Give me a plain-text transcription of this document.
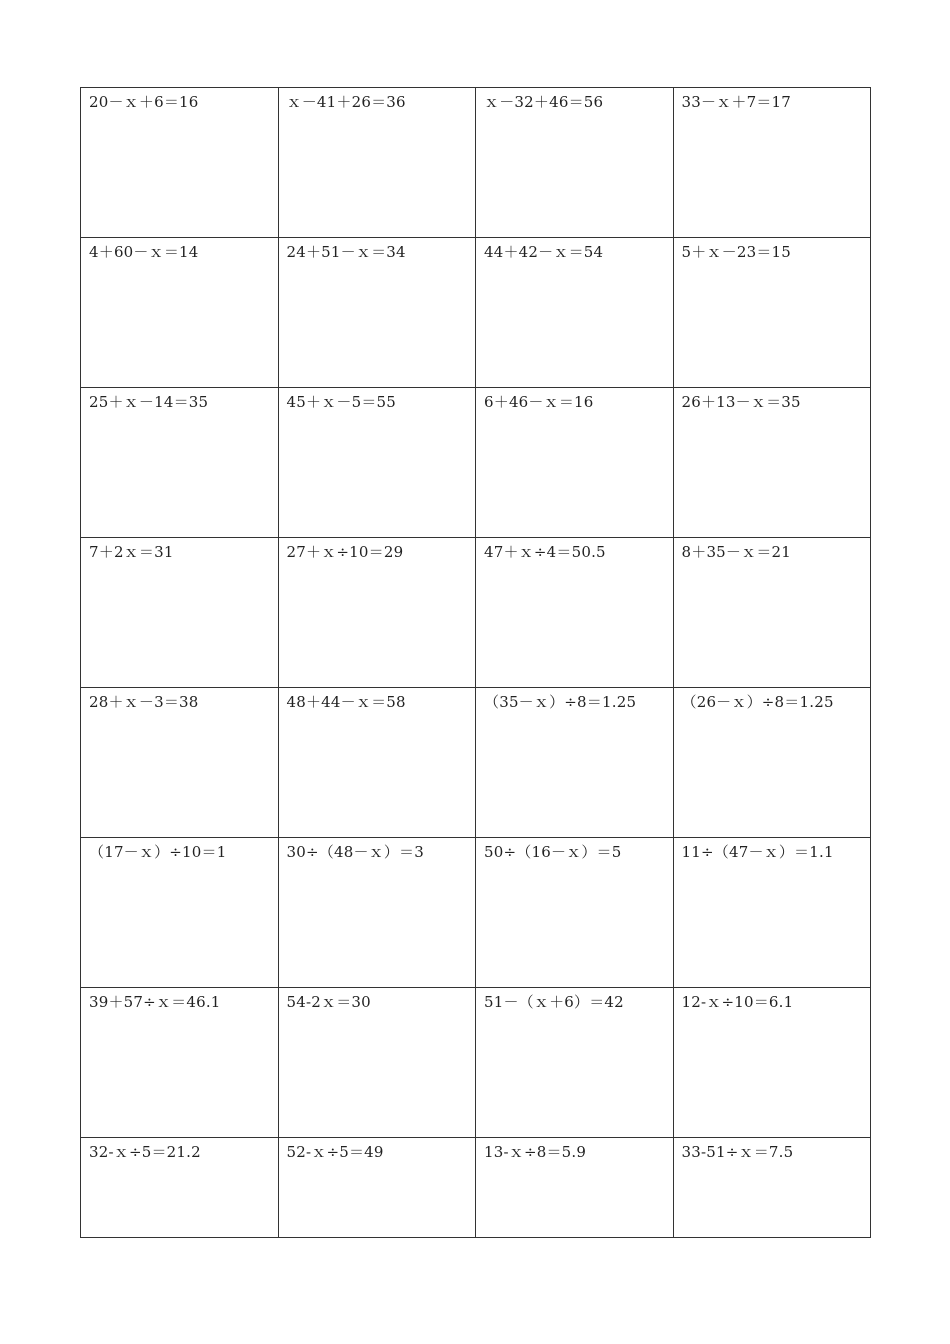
20－ｘ＋6＝16	ｘ－41＋26＝36	ｘ－32＋46＝56	33－ｘ＋7＝17
4＋60－ｘ＝14	24＋51－ｘ＝34	44＋42－ｘ＝54	5＋ｘ－23＝15
25＋ｘ－14＝35	45＋ｘ－5＝55	6＋46－ｘ＝16	26＋13－ｘ＝35
7＋2ｘ＝31	27＋ｘ÷10＝29	47＋ｘ÷4＝50.5	8＋35－ｘ＝21
28＋ｘ－3＝38	48＋44－ｘ＝58	（35－ｘ）÷8＝1.25	（26－ｘ）÷8＝1.25
（17－ｘ）÷10＝1	30÷（48－ｘ）＝3	50÷（16－ｘ）＝5	11÷（47－ｘ）＝1.1
39＋57÷ｘ＝46.1	54-2ｘ＝30	51－（ｘ＋6）＝42	12-ｘ÷10＝6.1
32-ｘ÷5＝21.2	52-ｘ÷5＝49	13-ｘ÷8＝5.9	33-51÷ｘ＝7.5
